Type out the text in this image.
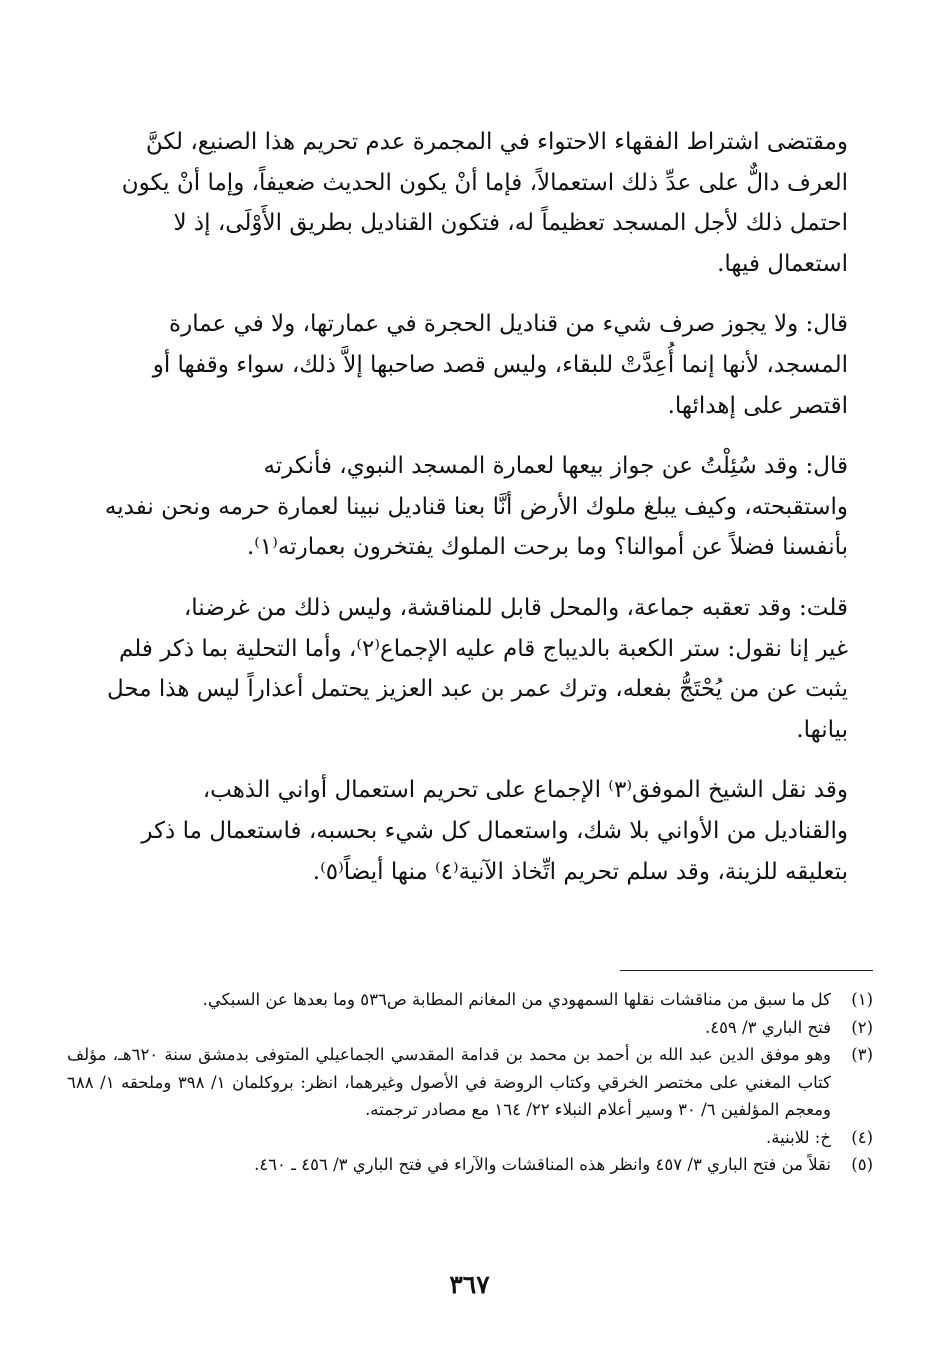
ومقتضى اشتراط الفقهاء الاحتواء في المجمرة عدم تحريم هذا الصنيع، لكنَّ
العرف دالٌّ على عدِّ ذلك استعمالاً، فإما أنْ يكون الحديث ضعيفاً، وإما أنْ يكون
احتمل ذلك لأجل المسجد تعظيماً له، فتكون القناديل بطريق الأَوْلَى، إذ لا
استعمال فيها.

قال: ولا يجوز صرف شيء من قناديل الحجرة في عمارتها، ولا في عمارة
المسجد، لأنها إنما أُعِدَّتْ للبقاء، وليس قصد صاحبها إلاَّ ذلك، سواء وقفها أو
اقتصر على إهدائها.

قال: وقد سُئِلْتُ عن جواز بيعها لعمارة المسجد النبوي، فأنكرته
واستقبحته، وكيف يبلغ ملوك الأرض أنَّا بعنا قناديل نبينا لعمارة حرمه ونحن نفديه
بأنفسنا فضلاً عن أموالنا؟ وما برحت الملوك يفتخرون بعمارته⁽١⁾.

قلت: وقد تعقبه جماعة، والمحل قابل للمناقشة، وليس ذلك من غرضنا،
غير إنا نقول: ستر الكعبة بالديباج قام عليه الإجماع⁽٢⁾، وأما التحلية بما ذكر فلم
يثبت عن من يُحْتَجُّ بفعله، وترك عمر بن عبد العزيز يحتمل أعذاراً ليس هذا محل
بيانها.

وقد نقل الشيخ الموفق⁽٣⁾ الإجماع على تحريم استعمال أواني الذهب،
والقناديل من الأواني بلا شك، واستعمال كل شيء بحسبه، فاستعمال ما ذكر
بتعليقه للزينة، وقد سلم تحريم اتِّخاذ الآنية⁽٤⁾ منها أيضاً⁽٥⁾.

(١)
كل ما سبق من مناقشات نقلها السمهودي من المغانم المطابة ص٥٣٦ وما بعدها عن السبكي.
(٢)
فتح الباري ٣/ ٤٥٩.
(٣)
وهو موفق الدين عبد الله بن أحمد بن محمد بن قدامة المقدسي الجماعيلي المتوفى بدمشق سنة ٦٢٠هـ، مؤلف كتاب المغني على مختصر الخرقي وكتاب الروضة في الأصول وغيرهما، انظر: بروكلمان ١/ ٣٩٨ وملحقه ١/ ٦٨٨ ومعجم المؤلفين ٦/ ٣٠ وسير أعلام النبلاء ٢٢/ ١٦٤ مع مصادر ترجمته.
(٤)
خ: للابنية.
(٥)
نقلاً من فتح الباري ٣/ ٤٥٧ وانظر هذه المناقشات والآراء في فتح الباري ٣/ ٤٥٦ ـ ٤٦٠.
٣٦٧
